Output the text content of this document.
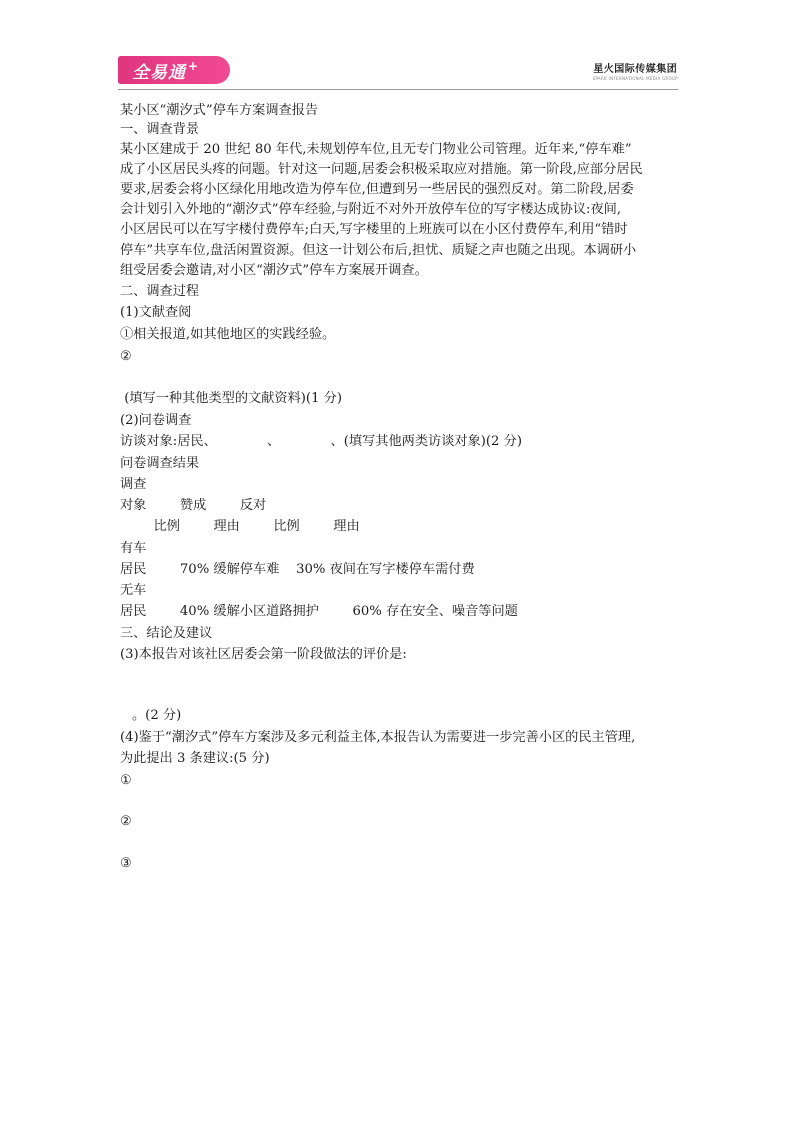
全易通 +	星火国际传媒集团
SPARK INTERNATIONAL MEDIA GROUP
某小区“潮汐式”停车方案调查报告
一、调查背景
某小区建成于 20 世纪 80 年代,未规划停车位,且无专门物业公司管理。近年来,“停车难”
成了小区居民头疼的问题。针对这一问题,居委会积极采取应对措施。第一阶段,应部分居民
要求,居委会将小区绿化用地改造为停车位,但遭到另一些居民的强烈反对。第二阶段,居委
会计划引入外地的“潮汐式”停车经验,与附近不对外开放停车位的写字楼达成协议:夜间,
小区居民可以在写字楼付费停车;白天,写字楼里的上班族可以在小区付费停车,利用“错时
停车”共享车位,盘活闲置资源。但这一计划公布后,担忧、质疑之声也随之出现。本调研小
组受居委会邀请,对小区“潮汐式”停车方案展开调查。
二、调查过程
(1)文献查阅
①相关报道,如其他地区的实践经验。
②
(填写一种其他类型的文献资料)(1 分)
(2)问卷调查
访谈对象:居民、            、            、(填写其他两类访谈对象)(2 分)
问卷调查结果
调查
对象        赞成        反对
比例        理由        比例        理由
有车
居民        70% 缓解停车难    30% 夜间在写字楼停车需付费
无车
居民        40% 缓解小区道路拥护        60% 存在安全、噪音等问题
三、结论及建议
(3)本报告对该社区居委会第一阶段做法的评价是:
。(2 分)
(4)鉴于“潮汐式”停车方案涉及多元利益主体,本报告认为需要进一步完善小区的民主管理,
为此提出 3 条建议:(5 分)
①
②
③
